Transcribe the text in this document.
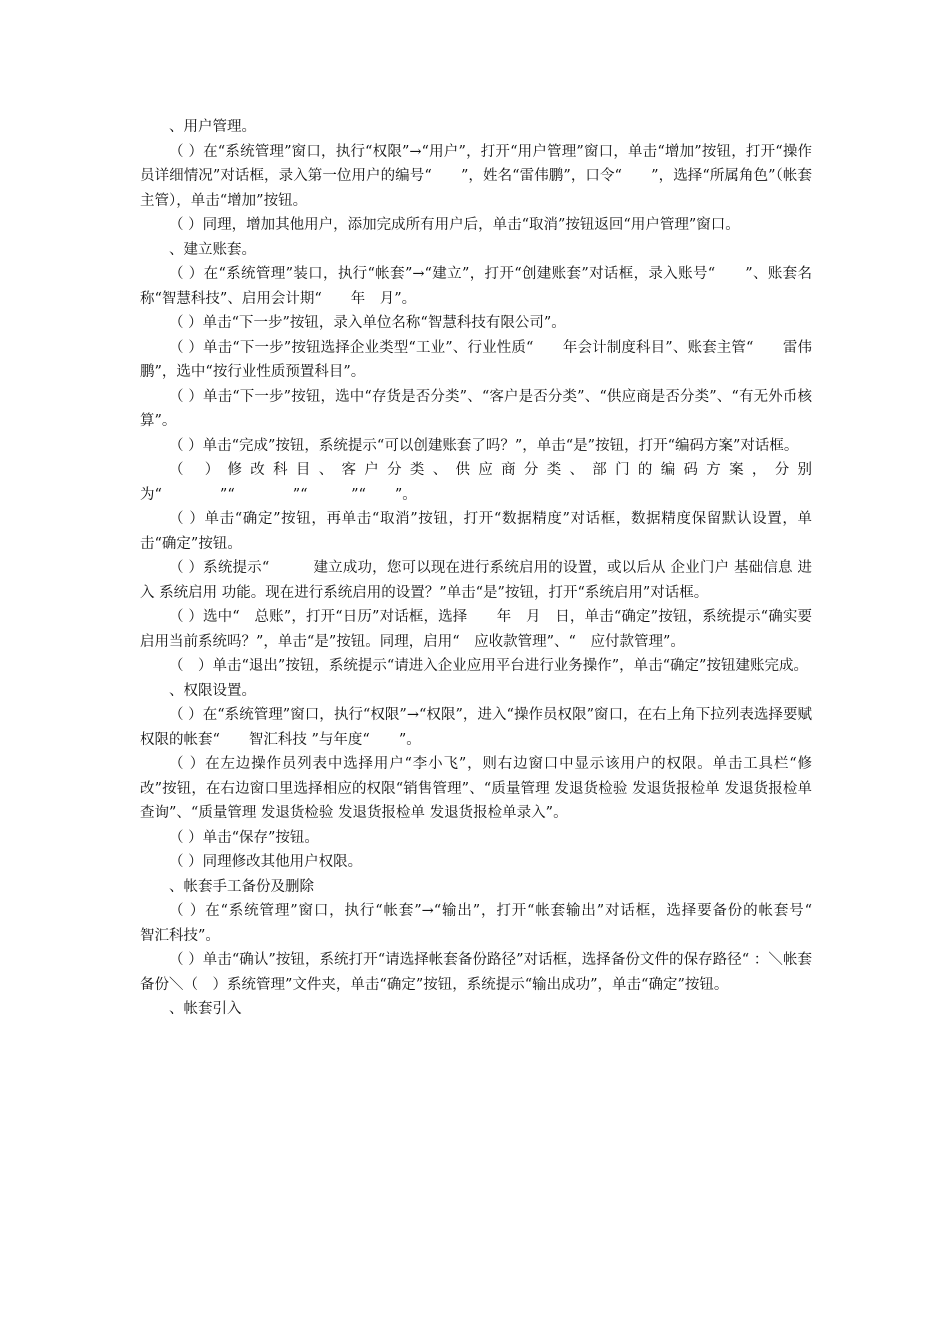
、用户管理。

（ ）在“系统管理”窗口，执行“权限”→“用户”，打开“用户管理”窗口，单击“增加”按钮，打开“操作员详细情况”对话框，录入第一位用户的编号“　　”，姓名“雷伟鹏”，口令“　　”，选择“所属角色”（帐套主管），单击“增加”按钮。

（ ）同理，增加其他用户，添加完成所有用户后，单击“取消”按钮返回“用户管理”窗口。

、建立账套。

（ ）在“系统管理”装口，执行“帐套”→“建立”，打开“创建账套”对话框，录入账号“　　”、账套名称“智慧科技”、启用会计期“　　年　月”。

（ ）单击“下一步”按钮，录入单位名称“智慧科技有限公司”。

（ ）单击“下一步”按钮选择企业类型“工业”、行业性质“　　年会计制度科目”、账套主管“　　雷伟鹏”，选中“按行业性质预置科目”。

（ ）单击“下一步”按钮，选中“存货是否分类”、“客户是否分类”、“供应商是否分类”、“有无外币核算”。

（ ）单击“完成”按钮，系统提示“可以创建账套了吗？”，单击“是”按钮，打开“编码方案”对话框。

（ ）修改科目、客户分类、供应商分类、部门的编码方案，分别为“　　　　”“　　　　”“　　　”“　　”。

（ ）单击“确定”按钮，再单击“取消”按钮，打开“数据精度”对话框，数据精度保留默认设置，单击“确定”按钮。

（ ）系统提示“　　　建立成功，您可以现在进行系统启用的设置，或以后从 企业门户 基础信息 进入 系统启用 功能。现在进行系统启用的设置？”单击“是”按钮，打开“系统启用”对话框。

（ ）选中“　总账”，打开“日历”对话框，选择　　年　月　日，单击“确定”按钮，系统提示“确实要启用当前系统吗？”，单击“是”按钮。同理，启用“　应收款管理”、“　应付款管理”。

（　）单击“退出”按钮，系统提示“请进入企业应用平台进行业务操作”，单击“确定”按钮建账完成。

、权限设置。

（ ）在“系统管理”窗口，执行“权限”→“权限”，进入“操作员权限”窗口，在右上角下拉列表选择要赋权限的帐套“　　智汇科技 ”与年度“　　”。

（ ）在左边操作员列表中选择用户“李小飞”，则右边窗口中显示该用户的权限。单击工具栏“修改”按钮，在右边窗口里选择相应的权限“销售管理”、“质量管理 发退货检验 发退货报检单 发退货报检单查询”、“质量管理 发退货检验 发退货报检单 发退货报检单录入”。

（ ）单击“保存”按钮。

（ ）同理修改其他用户权限。

、帐套手工备份及删除

（ ）在“系统管理”窗口，执行“帐套”→“输出”，打开“帐套输出”对话框，选择要备份的帐套号“　　智汇科技”。

（ ）单击“确认”按钮，系统打开“请选择帐套备份路径”对话框，选择备份文件的保存路径“ ：＼帐套备份＼（　）系统管理”文件夹，单击“确定”按钮，系统提示“输出成功”，单击“确定”按钮。

、帐套引入
